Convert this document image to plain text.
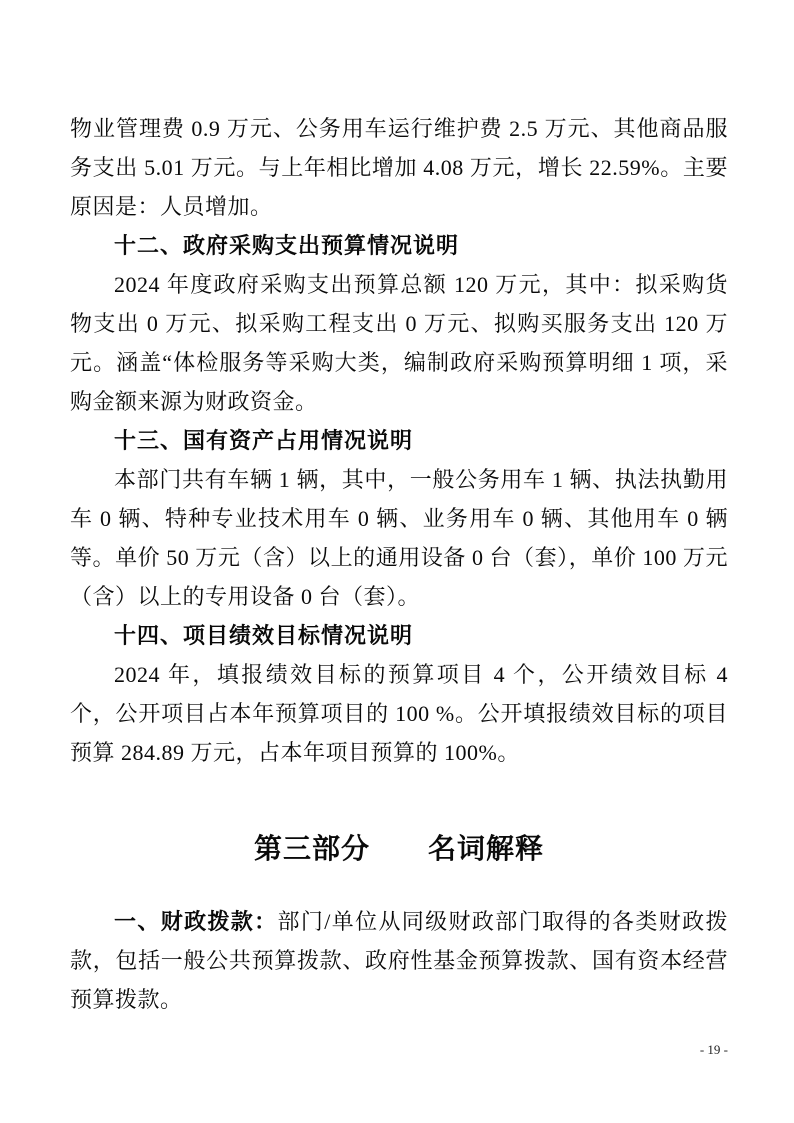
物业管理费 0.9 万元、公务用车运行维护费 2.5 万元、其他商品服务支出 5.01 万元。与上年相比增加 4.08 万元，增长 22.59%。主要原因是：人员增加。

十二、政府采购支出预算情况说明

2024 年度政府采购支出预算总额 120 万元，其中：拟采购货物支出 0 万元、拟采购工程支出 0 万元、拟购买服务支出 120 万元。涵盖“体检服务等采购大类，编制政府采购预算明细 1 项，采购金额来源为财政资金。

十三、国有资产占用情况说明

本部门共有车辆 1 辆，其中，一般公务用车 1 辆、执法执勤用车 0 辆、特种专业技术用车 0 辆、业务用车 0 辆、其他用车 0 辆等。单价 50 万元（含）以上的通用设备 0 台（套），单价 100 万元（含）以上的专用设备 0 台（套）。

十四、项目绩效目标情况说明

2024 年，填报绩效目标的预算项目 4 个，公开绩效目标 4 个，公开项目占本年预算项目的 100 %。公开填报绩效目标的项目预算 284.89 万元，占本年项目预算的 100%。

第三部分　　名词解释

一、财政拨款：部门/单位从同级财政部门取得的各类财政拨款，包括一般公共预算拨款、政府性基金预算拨款、国有资本经营预算拨款。

- 19 -
